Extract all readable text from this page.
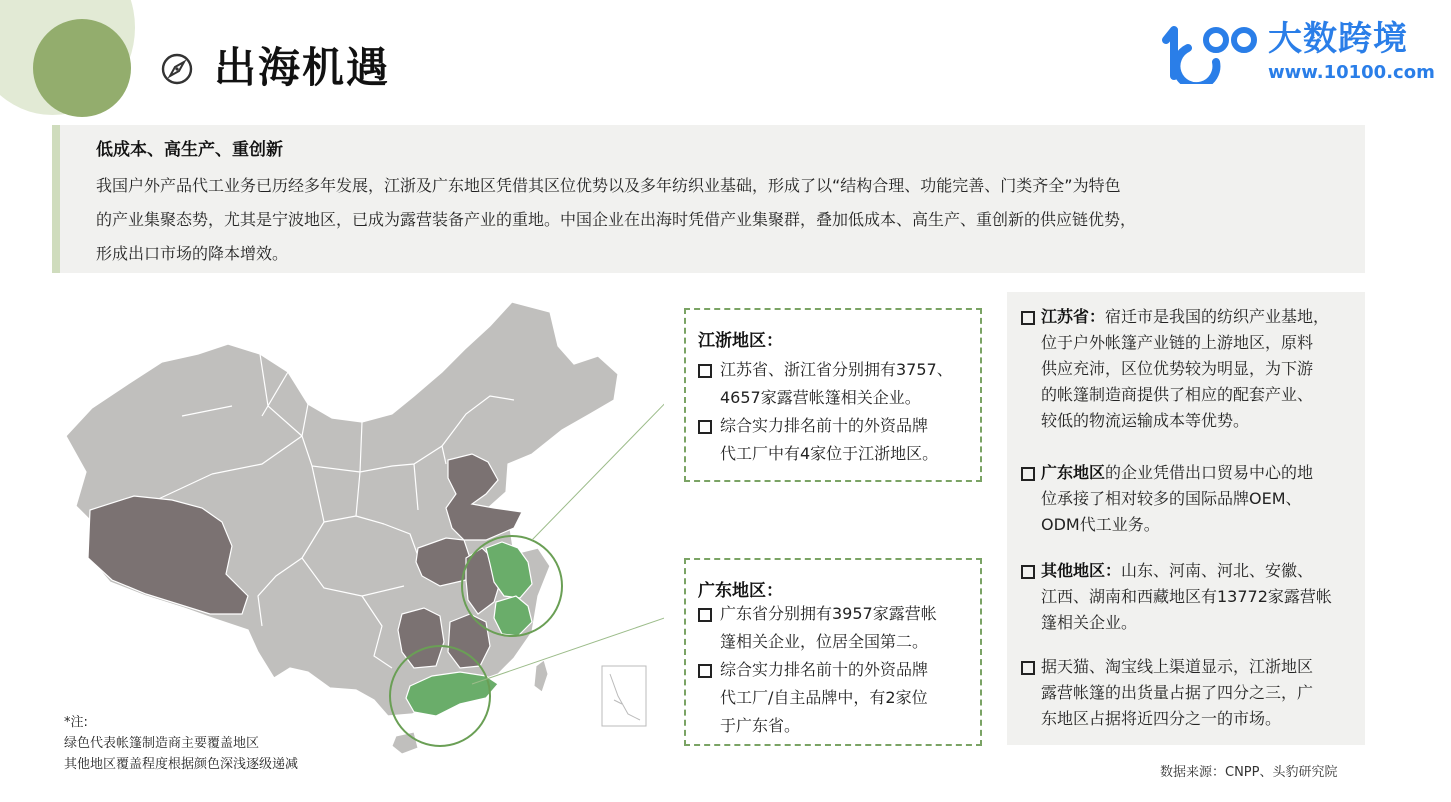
出海机遇
大数跨境
www.10100.com
低成本、高生产、重创新

我国户外产品代工业务已历经多年发展，江浙及广东地区凭借其区位优势以及多年纺织业基础，形成了以“结构合理、功能完善、门类齐全”为特色
的产业集聚态势，尤其是宁波地区，已成为露营装备产业的重地。中国企业在出海时凭借产业集聚群，叠加低成本、高生产、重创新的供应链优势，
形成出口市场的降本增效。

*注:
绿色代表帐篷制造商主要覆盖地区
其他地区覆盖程度根据颜色深浅逐级递减
江浙地区：
江苏省、浙江省分别拥有3757、
4657家露营帐篷相关企业。
综合实力排名前十的外资品牌
代工厂中有4家位于江浙地区。
广东地区：
广东省分别拥有3957家露营帐
篷相关企业，位居全国第二。
综合实力排名前十的外资品牌
代工厂/自主品牌中，有2家位
于广东省。
江苏省：宿迁市是我国的纺织产业基地，
位于户外帐篷产业链的上游地区，原料
供应充沛，区位优势较为明显，为下游
的帐篷制造商提供了相应的配套产业、
较低的物流运输成本等优势。
广东地区的企业凭借出口贸易中心的地
位承接了相对较多的国际品牌OEM、
ODM代工业务。
其他地区：山东、河南、河北、安徽、
江西、湖南和西藏地区有13772家露营帐
篷相关企业。
据天猫、淘宝线上渠道显示，江浙地区
露营帐篷的出货量占据了四分之三，广
东地区占据将近四分之一的市场。
数据来源：CNPP、头豹研究院
